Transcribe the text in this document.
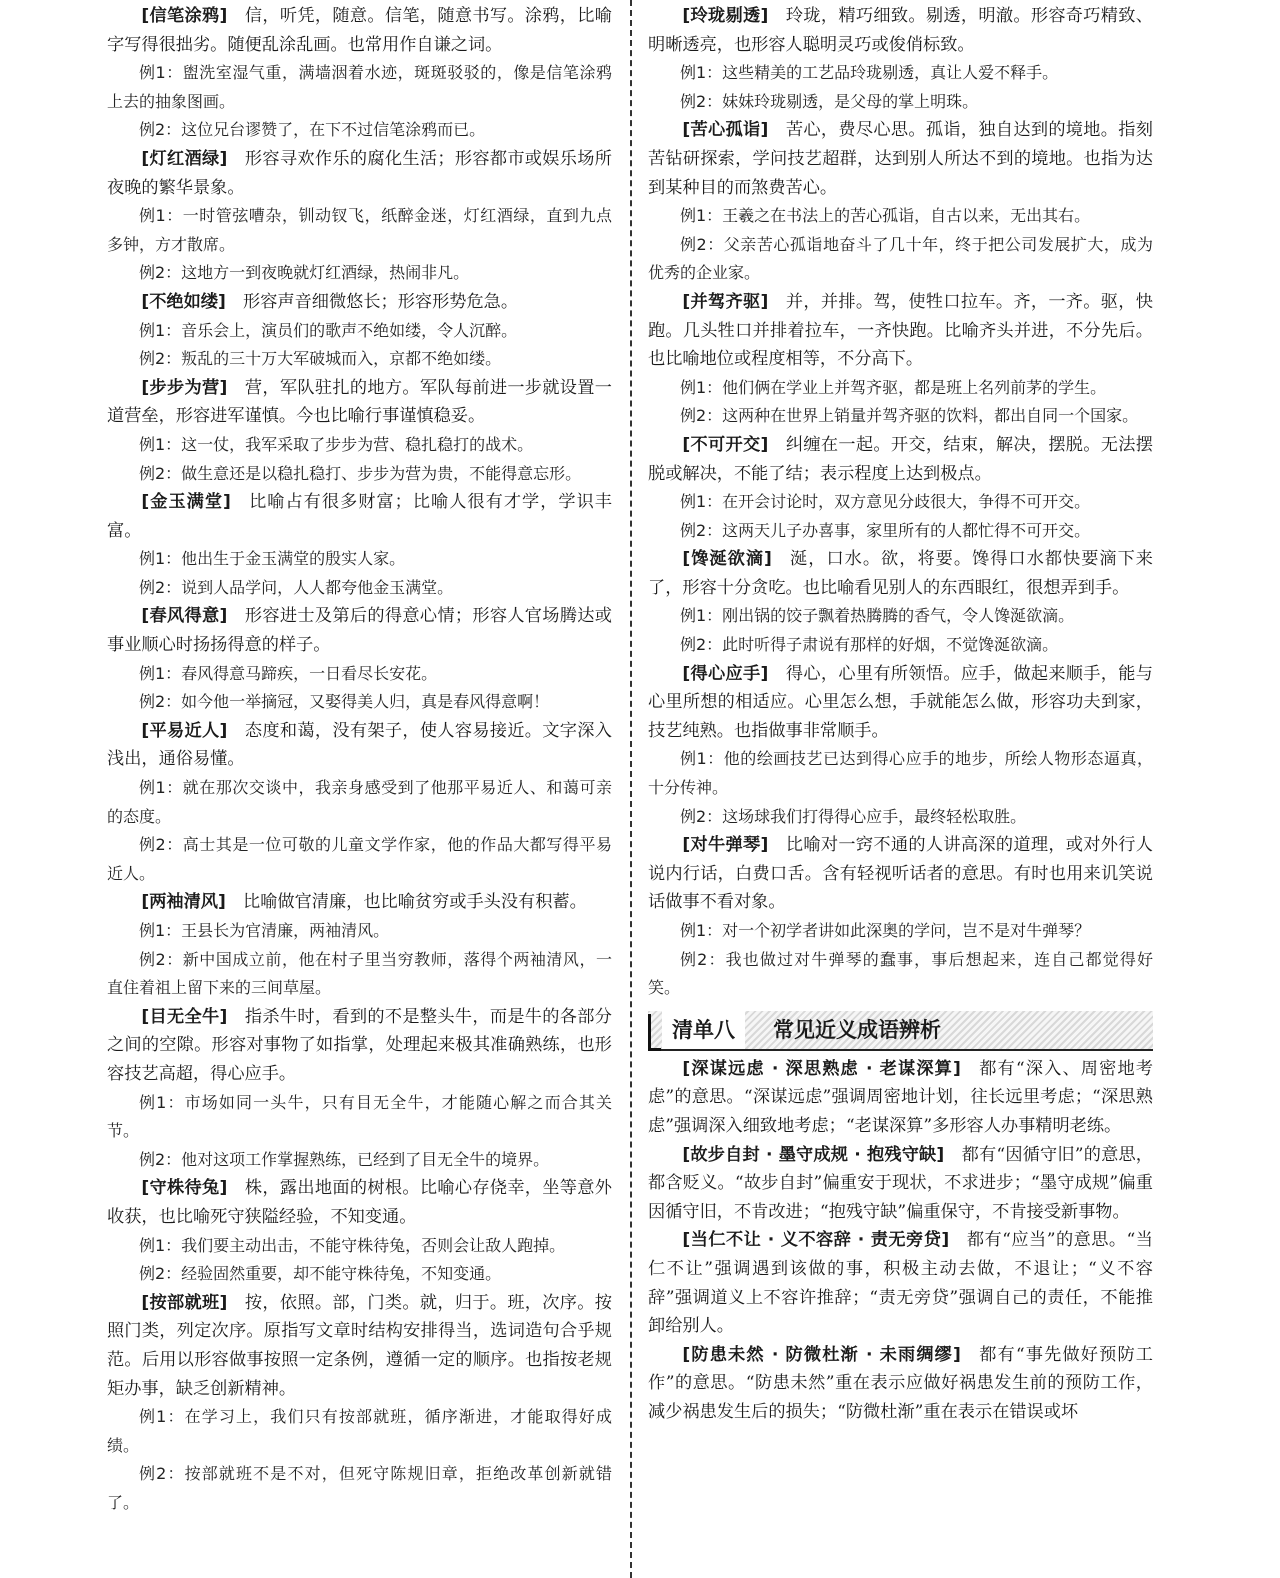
[信笔涂鸦] 信，听凭，随意。信笔，随意书写。涂鸦，比喻字写得很拙劣。随便乱涂乱画。也常用作自谦之词。

例1：盥洗室湿气重，满墙洇着水迹，斑斑驳驳的，像是信笔涂鸦上去的抽象图画。

例2：这位兄台谬赞了，在下不过信笔涂鸦而已。

[灯红酒绿] 形容寻欢作乐的腐化生活；形容都市或娱乐场所夜晚的繁华景象。

例1：一时管弦嘈杂，钏动钗飞，纸醉金迷，灯红酒绿，直到九点多钟，方才散席。

例2：这地方一到夜晚就灯红酒绿，热闹非凡。

[不绝如缕] 形容声音细微悠长；形容形势危急。

例1：音乐会上，演员们的歌声不绝如缕，令人沉醉。

例2：叛乱的三十万大军破城而入，京都不绝如缕。

[步步为营] 营，军队驻扎的地方。军队每前进一步就设置一道营垒，形容进军谨慎。今也比喻行事谨慎稳妥。

例1：这一仗，我军采取了步步为营、稳扎稳打的战术。

例2：做生意还是以稳扎稳打、步步为营为贵，不能得意忘形。

[金玉满堂] 比喻占有很多财富；比喻人很有才学，学识丰富。

例1：他出生于金玉满堂的殷实人家。

例2：说到人品学问，人人都夸他金玉满堂。

[春风得意] 形容进士及第后的得意心情；形容人官场腾达或事业顺心时扬扬得意的样子。

例1：春风得意马蹄疾，一日看尽长安花。

例2：如今他一举摘冠，又娶得美人归，真是春风得意啊！

[平易近人] 态度和蔼，没有架子，使人容易接近。文字深入浅出，通俗易懂。

例1：就在那次交谈中，我亲身感受到了他那平易近人、和蔼可亲的态度。

例2：高士其是一位可敬的儿童文学作家，他的作品大都写得平易近人。

[两袖清风] 比喻做官清廉，也比喻贫穷或手头没有积蓄。

例1：王县长为官清廉，两袖清风。

例2：新中国成立前，他在村子里当穷教师，落得个两袖清风，一直住着祖上留下来的三间草屋。

[目无全牛] 指杀牛时，看到的不是整头牛，而是牛的各部分之间的空隙。形容对事物了如指掌，处理起来极其准确熟练，也形容技艺高超，得心应手。

例1：市场如同一头牛，只有目无全牛，才能随心解之而合其关节。

例2：他对这项工作掌握熟练，已经到了目无全牛的境界。

[守株待兔] 株，露出地面的树根。比喻心存侥幸，坐等意外收获，也比喻死守狭隘经验，不知变通。

例1：我们要主动出击，不能守株待兔，否则会让敌人跑掉。

例2：经验固然重要，却不能守株待兔，不知变通。

[按部就班] 按，依照。部，门类。就，归于。班，次序。按照门类，列定次序。原指写文章时结构安排得当，选词造句合乎规范。后用以形容做事按照一定条例，遵循一定的顺序。也指按老规矩办事，缺乏创新精神。

例1：在学习上，我们只有按部就班，循序渐进，才能取得好成绩。

例2：按部就班不是不对，但死守陈规旧章，拒绝改革创新就错了。

[玲珑剔透] 玲珑，精巧细致。剔透，明澈。形容奇巧精致、明晰透亮，也形容人聪明灵巧或俊俏标致。

例1：这些精美的工艺品玲珑剔透，真让人爱不释手。

例2：妹妹玲珑剔透，是父母的掌上明珠。

[苦心孤诣] 苦心，费尽心思。孤诣，独自达到的境地。指刻苦钻研探索，学问技艺超群，达到别人所达不到的境地。也指为达到某种目的而煞费苦心。

例1：王羲之在书法上的苦心孤诣，自古以来，无出其右。

例2：父亲苦心孤诣地奋斗了几十年，终于把公司发展扩大，成为优秀的企业家。

[并驾齐驱] 并，并排。驾，使牲口拉车。齐，一齐。驱，快跑。几头牲口并排着拉车，一齐快跑。比喻齐头并进，不分先后。也比喻地位或程度相等，不分高下。

例1：他们俩在学业上并驾齐驱，都是班上名列前茅的学生。

例2：这两种在世界上销量并驾齐驱的饮料，都出自同一个国家。

[不可开交] 纠缠在一起。开交，结束，解决，摆脱。无法摆脱或解决，不能了结；表示程度上达到极点。

例1：在开会讨论时，双方意见分歧很大，争得不可开交。

例2：这两天儿子办喜事，家里所有的人都忙得不可开交。

[馋涎欲滴] 涎，口水。欲，将要。馋得口水都快要滴下来了，形容十分贪吃。也比喻看见别人的东西眼红，很想弄到手。

例1：刚出锅的饺子飘着热腾腾的香气，令人馋涎欲滴。

例2：此时听得子肃说有那样的好烟，不觉馋涎欲滴。

[得心应手] 得心，心里有所领悟。应手，做起来顺手，能与心里所想的相适应。心里怎么想，手就能怎么做，形容功夫到家，技艺纯熟。也指做事非常顺手。

例1：他的绘画技艺已达到得心应手的地步，所绘人物形态逼真，十分传神。

例2：这场球我们打得得心应手，最终轻松取胜。

[对牛弹琴] 比喻对一窍不通的人讲高深的道理，或对外行人说内行话，白费口舌。含有轻视听话者的意思。有时也用来讥笑说话做事不看对象。

例1：对一个初学者讲如此深奥的学问，岂不是对牛弹琴？

例2：我也做过对牛弹琴的蠢事，事后想起来，连自己都觉得好笑。

清单八	常见近义成语辨析

[深谋远虑 · 深思熟虑 · 老谋深算] 都有“深入、周密地考虑”的意思。“深谋远虑”强调周密地计划，往长远里考虑；“深思熟虑”强调深入细致地考虑；“老谋深算”多形容人办事精明老练。

[故步自封 · 墨守成规 · 抱残守缺] 都有“因循守旧”的意思，都含贬义。“故步自封”偏重安于现状，不求进步；“墨守成规”偏重因循守旧，不肯改进；“抱残守缺”偏重保守，不肯接受新事物。

[当仁不让 · 义不容辞 · 责无旁贷] 都有“应当”的意思。“当仁不让”强调遇到该做的事，积极主动去做，不退让；“义不容辞”强调道义上不容许推辞；“责无旁贷”强调自己的责任，不能推卸给别人。

[防患未然 · 防微杜渐 · 未雨绸缪] 都有“事先做好预防工作”的意思。“防患未然”重在表示应做好祸患发生前的预防工作，减少祸患发生后的损失；“防微杜渐”重在表示在错误或坏
